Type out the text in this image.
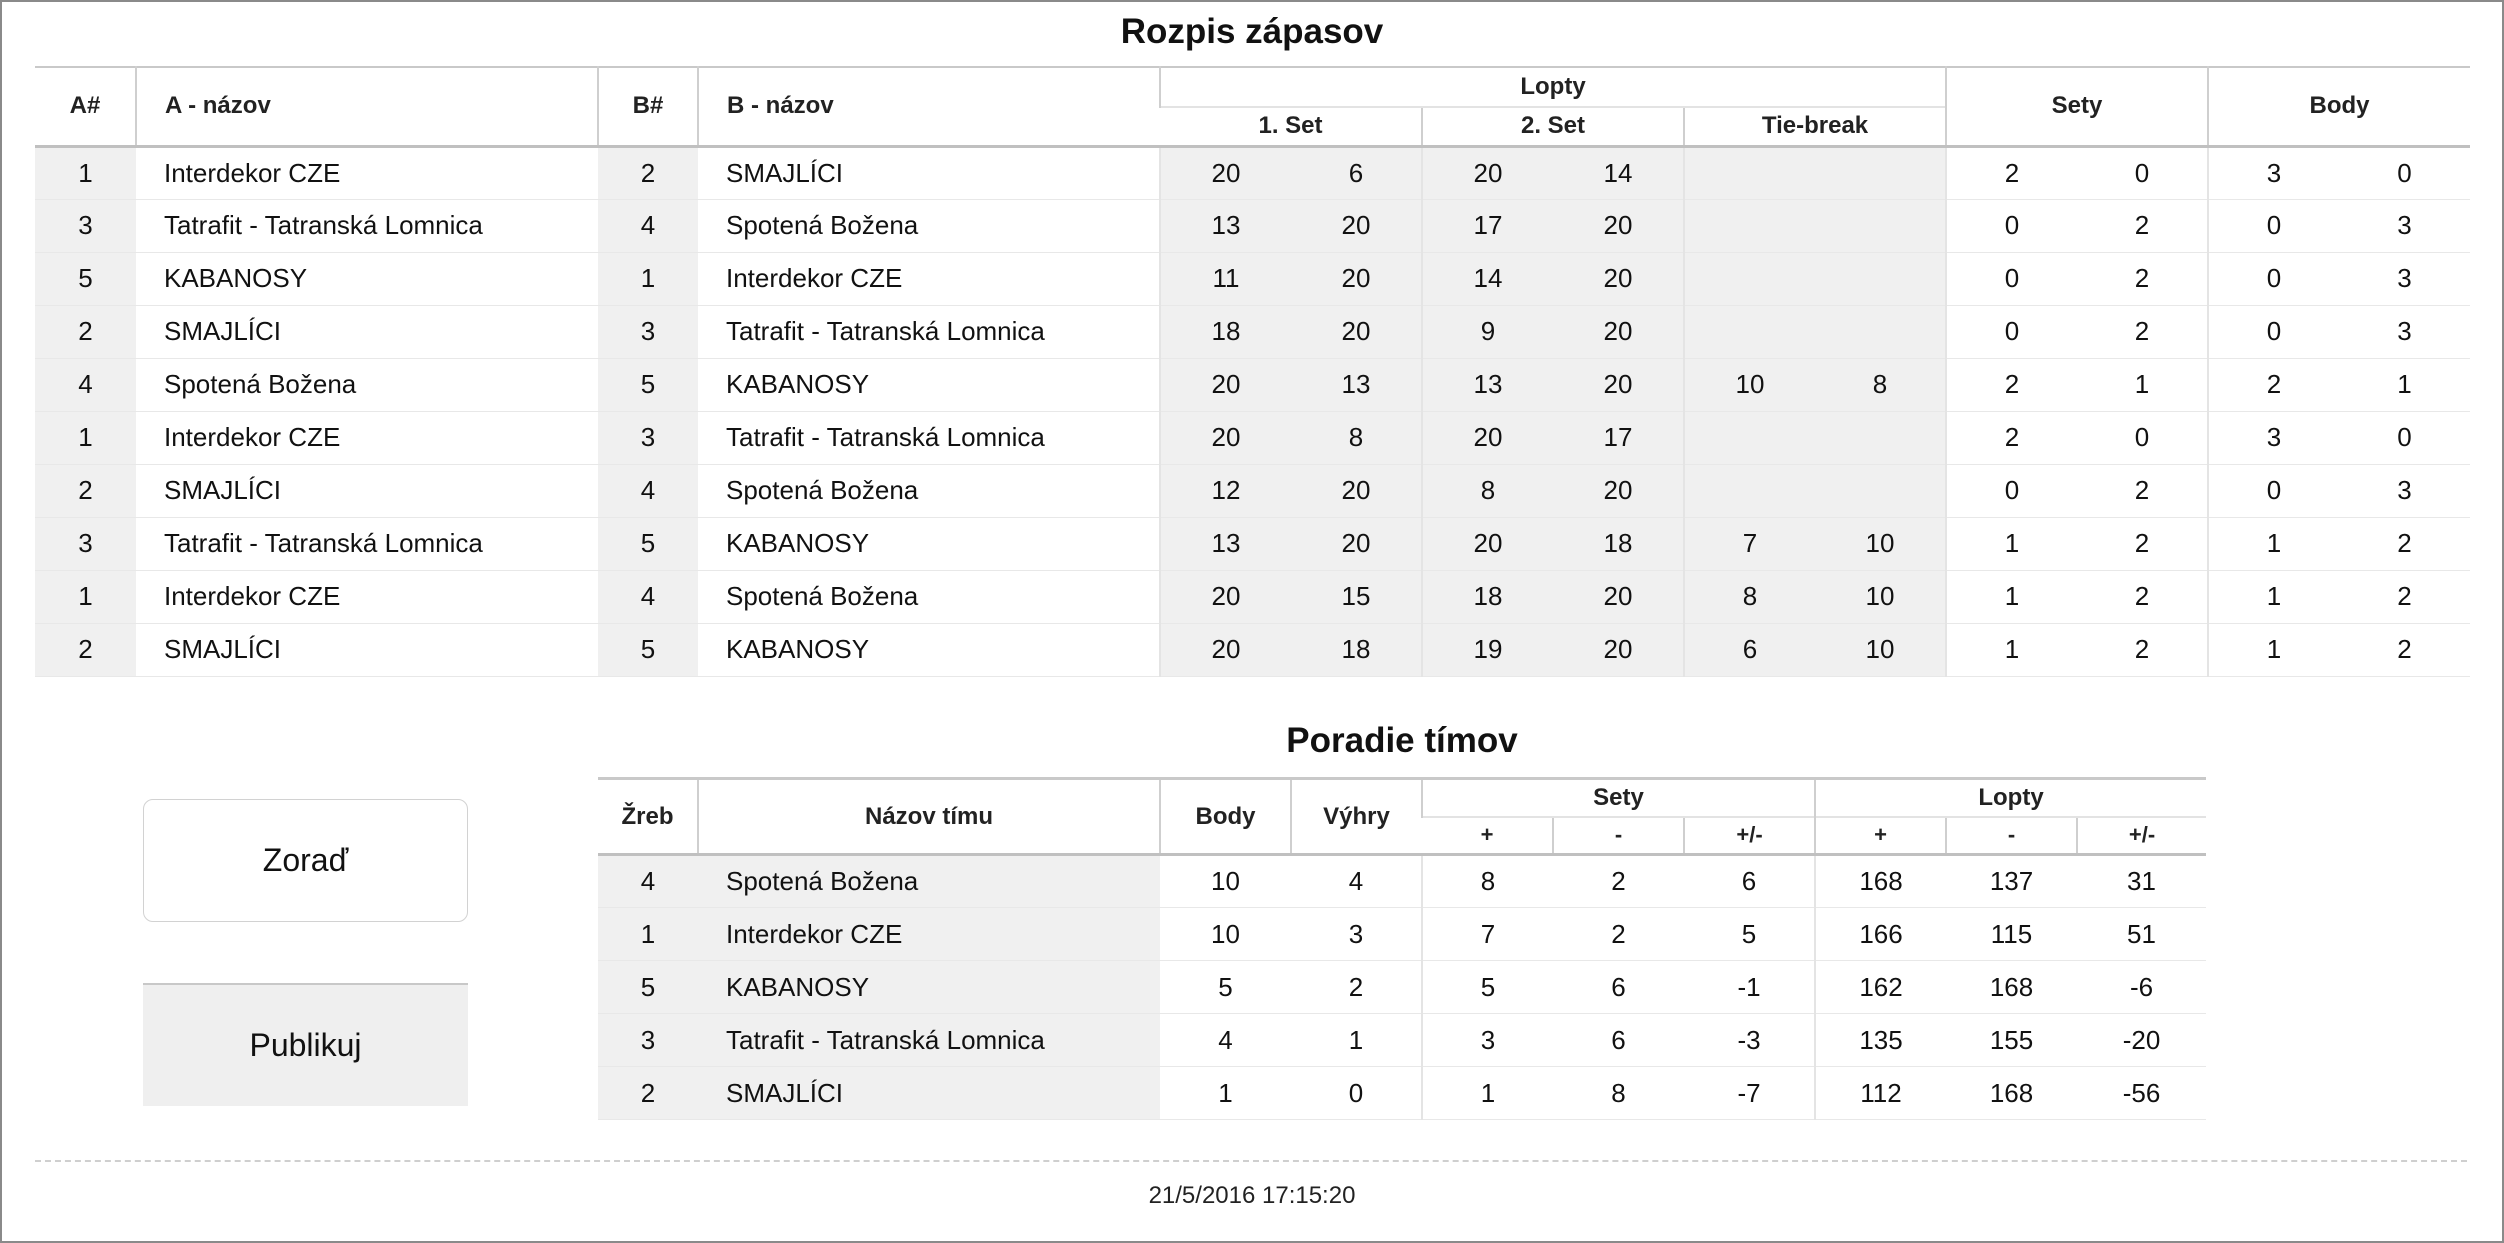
Rozpis zápasov
A#	A - názov	B#	B - názov	Lopty						Sety		Body	
				1. Set		2. Set		Tie-break					
1	Interdekor CZE	2	SMAJLÍCI	20	6	20	14			2	0	3	0
3	Tatrafit - Tatranská Lomnica	4	Spotená Božena	13	20	17	20			0	2	0	3
5	KABANOSY	1	Interdekor CZE	11	20	14	20			0	2	0	3
2	SMAJLÍCI	3	Tatrafit - Tatranská Lomnica	18	20	9	20			0	2	0	3
4	Spotená Božena	5	KABANOSY	20	13	13	20	10	8	2	1	2	1
1	Interdekor CZE	3	Tatrafit - Tatranská Lomnica	20	8	20	17			2	0	3	0
2	SMAJLÍCI	4	Spotená Božena	12	20	8	20			0	2	0	3
3	Tatrafit - Tatranská Lomnica	5	KABANOSY	13	20	20	18	7	10	1	2	1	2
1	Interdekor CZE	4	Spotená Božena	20	15	18	20	8	10	1	2	1	2
2	SMAJLÍCI	5	KABANOSY	20	18	19	20	6	10	1	2	1	2
Poradie tímov
Žreb	Názov tímu	Body	Výhry	Sety			Lopty		
				+	-	+/-	+	-	+/-
4	Spotená Božena	10	4	8	2	6	168	137	31
1	Interdekor CZE	10	3	7	2	5	166	115	51
5	KABANOSY	5	2	5	6	-1	162	168	-6
3	Tatrafit - Tatranská Lomnica	4	1	3	6	-3	135	155	-20
2	SMAJLÍCI	1	0	1	8	-7	112	168	-56
Zoraď
Publikuj
21/5/2016 17:15:20
